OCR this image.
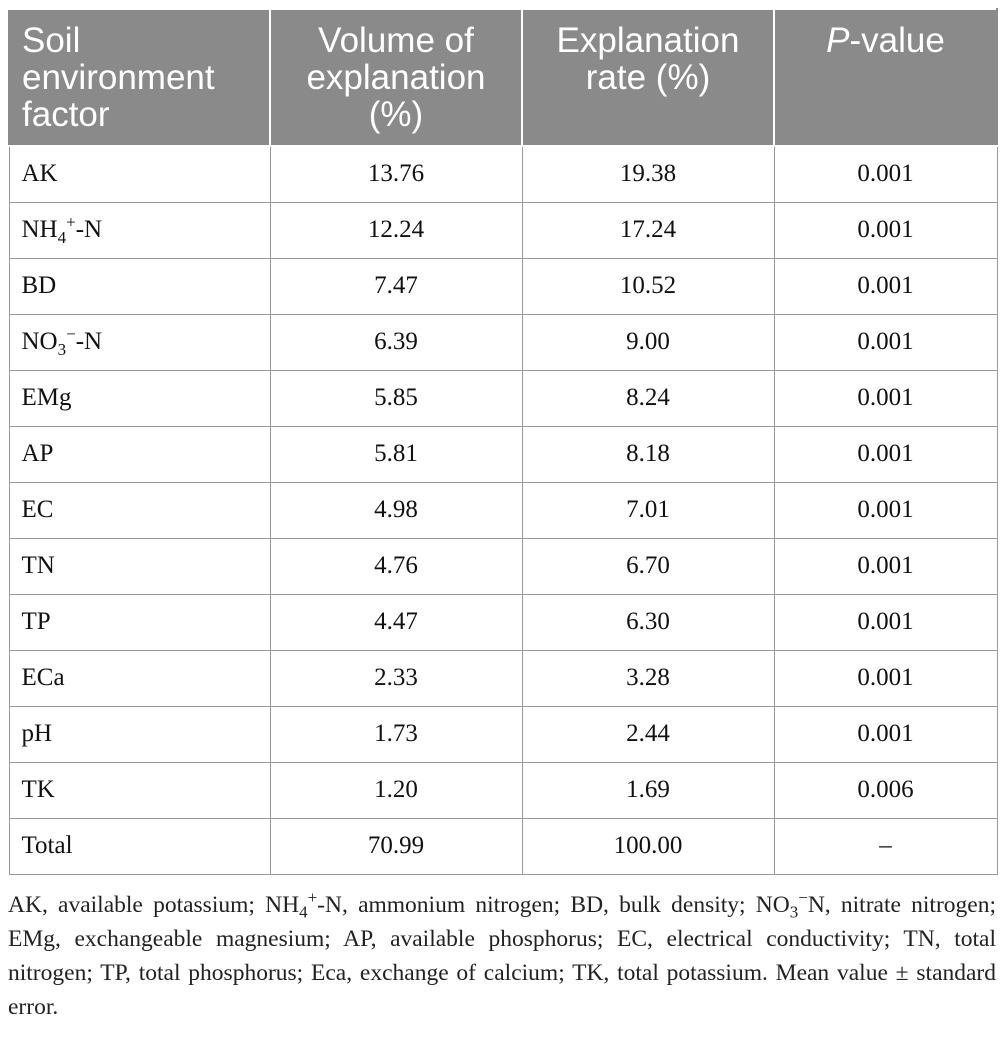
Soil environment factor	Volume of explanation (%)	Explanation rate (%)	P-value
AK	13.76	19.38	0.001
$NH_4^+-N$	12.24	17.24	0.001
BD	7.47	10.52	0.001
$NO_3^--N$	6.39	9.00	0.001
EMg	5.85	8.24	0.001
AP	5.81	8.18	0.001
EC	4.98	7.01	0.001
TN	4.76	6.70	0.001
TP	4.47	6.30	0.001
ECa	2.33	3.28	0.001
pH	1.73	2.44	0.001
TK	1.20	1.69	0.006
Total	70.99	100.00	–
AK, available potassium; $NH_4^+-N$, ammonium nitrogen; BD, bulk density; $NO_3^-N$, nitrate nitrogen; EMg, exchangeable magnesium; AP, available phosphorus; EC, electrical conductivity; TN, total nitrogen; TP, total phosphorus; Eca, exchange of calcium; TK, total potassium. Mean value ± standard error.
